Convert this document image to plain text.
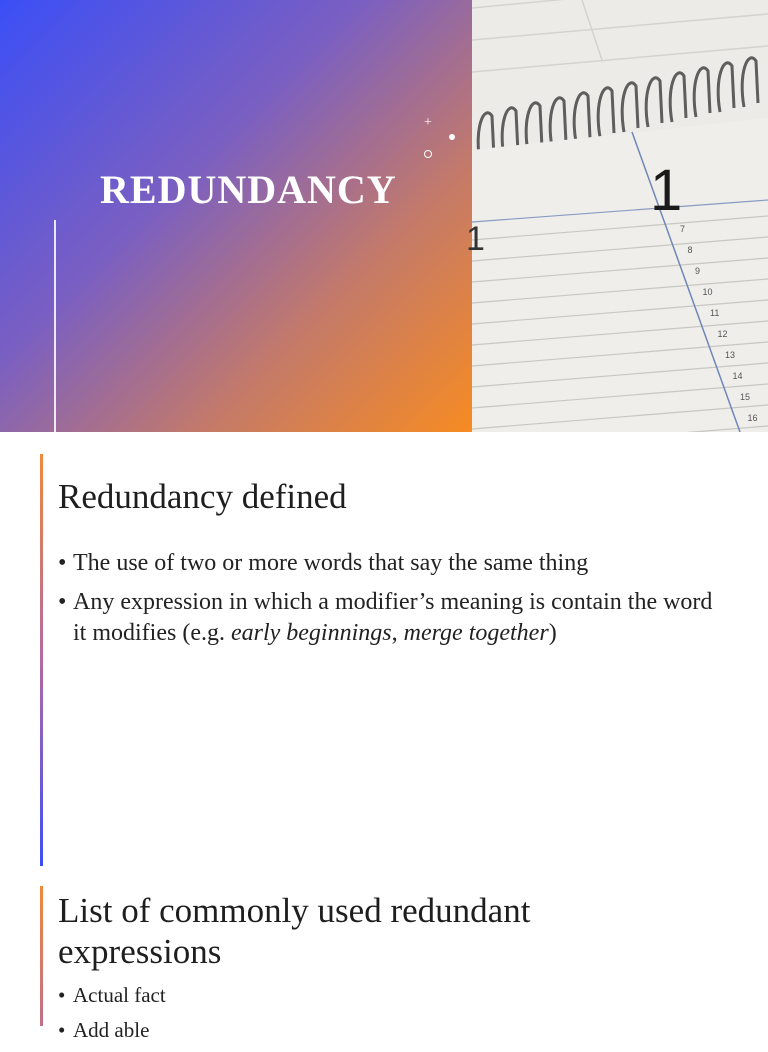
REDUNDANCY
+
1
7
8
9
10
11
12
13
14
15
16
1
Redundancy defined
• The use of two or more words that say the same thing
• Any expression in which a modifier’s meaning is contain the word it modifies (e.g. early beginnings, merge together)
List of commonly used redundant expressions
• Actual fact
• Add able
